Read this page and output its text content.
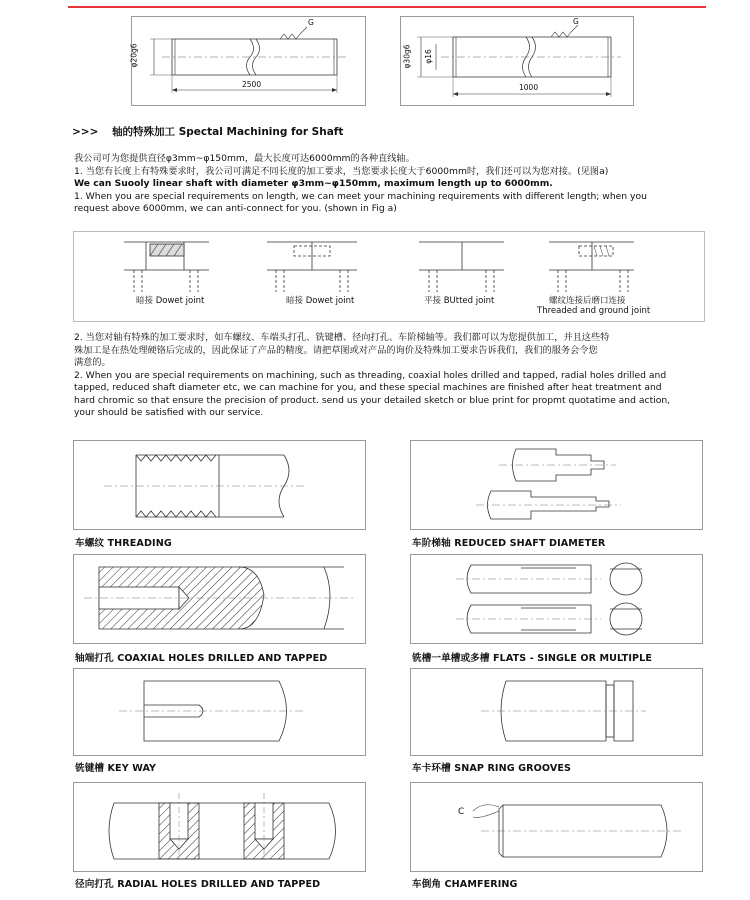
2500
φ20g6
G
1000
φ30g6 φ16
G
>>> 轴的特殊加工 Spectal Machining for Shaft
我公司可为您提供直径φ3mm~φ150mm，最大长度可达6000mm的各种直线轴。
1. 当您有长度上有特殊要求时，我公司可满足不同长度的加工要求，当您要求长度大于6000mm时，我们还可以为您对接。(见图a)
We can Suooly linear shaft with diameter φ3mm~φ150mm, maximum length up to 6000mm.
1. When you are special requirements on length, we can meet your machining requirements with different length; when you
request above 6000mm, we can anti-connect for you. (shown in Fig a)
暗接 Dowet joint	暗接 Dowet joint	平接 BUtted joint	螺纹连接后磨口连接
Threaded and ground joint
2. 当您对轴有特殊的加工要求时，如车螺纹、车端头打孔、铣键槽、径向打孔、车阶梯轴等。我们都可以为您提供加工，并且这些特
殊加工是在热处理硬铬后完成的，因此保证了产品的精度。请把草图或对产品的询价及特殊加工要求告诉我们，我们的服务会令您
满意的。
2. When you are special requirements on machining, such as threading, coaxial holes drilled and tapped, radial holes drilled and
tapped, reduced shaft diameter etc, we can machine for you, and these special machines are finished after heat treatment and
hard chromic so that ensure the precision of product. send us your detailed sketch or blue print for propmt quotatime and action,
your should be satisfied with our service.
车螺纹 THREADING	车阶梯轴 REDUCED SHAFT DIAMETER
轴端打孔 COAXIAL HOLES DRILLED AND TAPPED	铣槽一单槽或多槽 FLATS - SINGLE OR MULTIPLE
铣键槽 KEY WAY	车卡环槽 SNAP RING GROOVES
径向打孔 RADIAL HOLES DRILLED AND TAPPED
C
车倒角 CHAMFERING
